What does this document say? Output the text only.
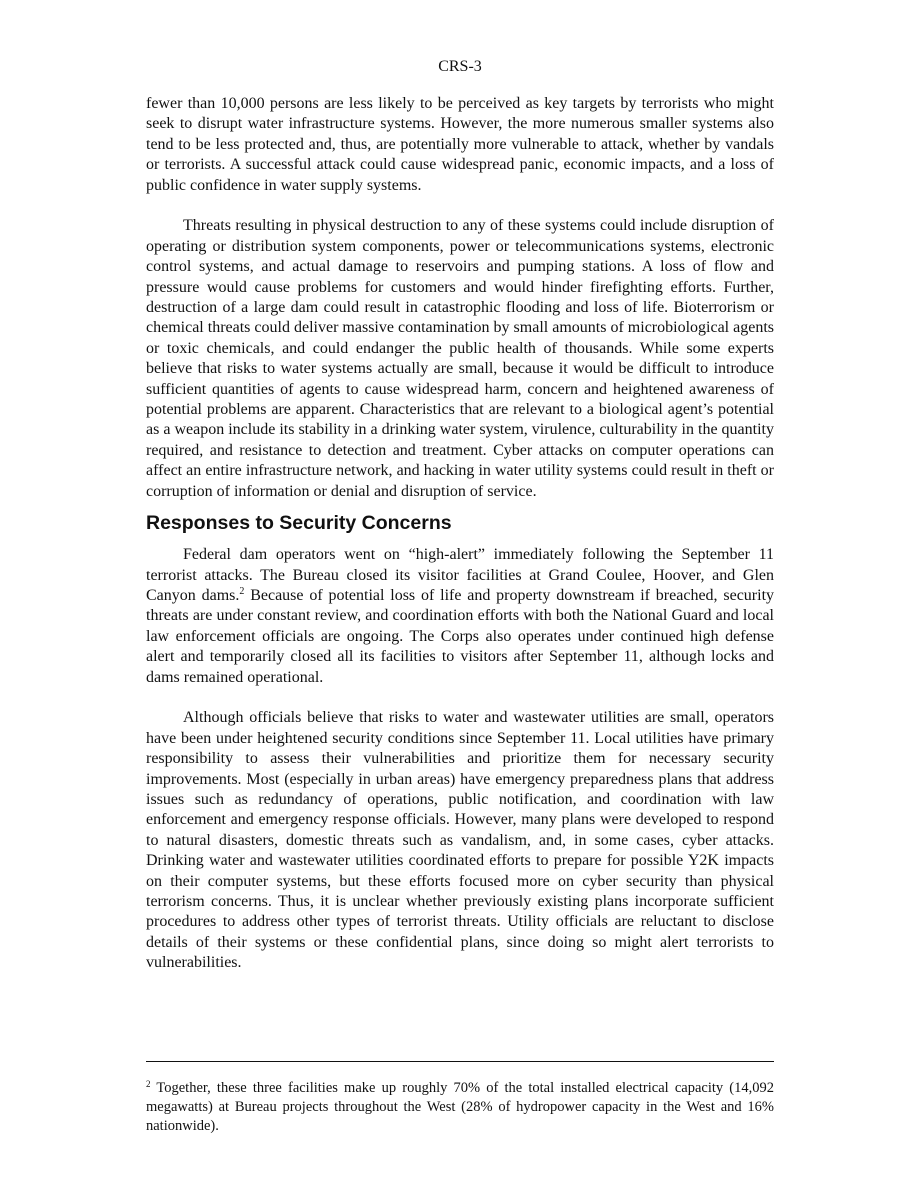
CRS-3

fewer than 10,000 persons are less likely to be perceived as key targets by terrorists who might seek to disrupt water infrastructure systems. However, the more numerous smaller systems also tend to be less protected and, thus, are potentially more vulnerable to attack, whether by vandals or terrorists. A successful attack could cause widespread panic, economic impacts, and a loss of public confidence in water supply systems.

Threats resulting in physical destruction to any of these systems could include disruption of operating or distribution system components, power or telecommunications systems, electronic control systems, and actual damage to reservoirs and pumping stations. A loss of flow and pressure would cause problems for customers and would hinder firefighting efforts. Further, destruction of a large dam could result in catastrophic flooding and loss of life. Bioterrorism or chemical threats could deliver massive contamination by small amounts of microbiological agents or toxic chemicals, and could endanger the public health of thousands. While some experts believe that risks to water systems actually are small, because it would be difficult to introduce sufficient quantities of agents to cause widespread harm, concern and heightened awareness of potential problems are apparent. Characteristics that are relevant to a biological agent’s potential as a weapon include its stability in a drinking water system, virulence, culturability in the quantity required, and resistance to detection and treatment. Cyber attacks on computer operations can affect an entire infrastructure network, and hacking in water utility systems could result in theft or corruption of information or denial and disruption of service.

Responses to Security Concerns

Federal dam operators went on “high-alert” immediately following the September 11 terrorist attacks. The Bureau closed its visitor facilities at Grand Coulee, Hoover, and Glen Canyon dams.$^2$ Because of potential loss of life and property downstream if breached, security threats are under constant review, and coordination efforts with both the National Guard and local law enforcement officials are ongoing. The Corps also operates under continued high defense alert and temporarily closed all its facilities to visitors after September 11, although locks and dams remained operational.

Although officials believe that risks to water and wastewater utilities are small, operators have been under heightened security conditions since September 11. Local utilities have primary responsibility to assess their vulnerabilities and prioritize them for necessary security improvements. Most (especially in urban areas) have emergency preparedness plans that address issues such as redundancy of operations, public notification, and coordination with law enforcement and emergency response officials. However, many plans were developed to respond to natural disasters, domestic threats such as vandalism, and, in some cases, cyber attacks. Drinking water and wastewater utilities coordinated efforts to prepare for possible Y2K impacts on their computer systems, but these efforts focused more on cyber security than physical terrorism concerns. Thus, it is unclear whether previously existing plans incorporate sufficient procedures to address other types of terrorist threats. Utility officials are reluctant to disclose details of their systems or these confidential plans, since doing so might alert terrorists to vulnerabilities.

$^2$ Together, these three facilities make up roughly 70% of the total installed electrical capacity (14,092 megawatts) at Bureau projects throughout the West (28% of hydropower capacity in the West and 16% nationwide).
